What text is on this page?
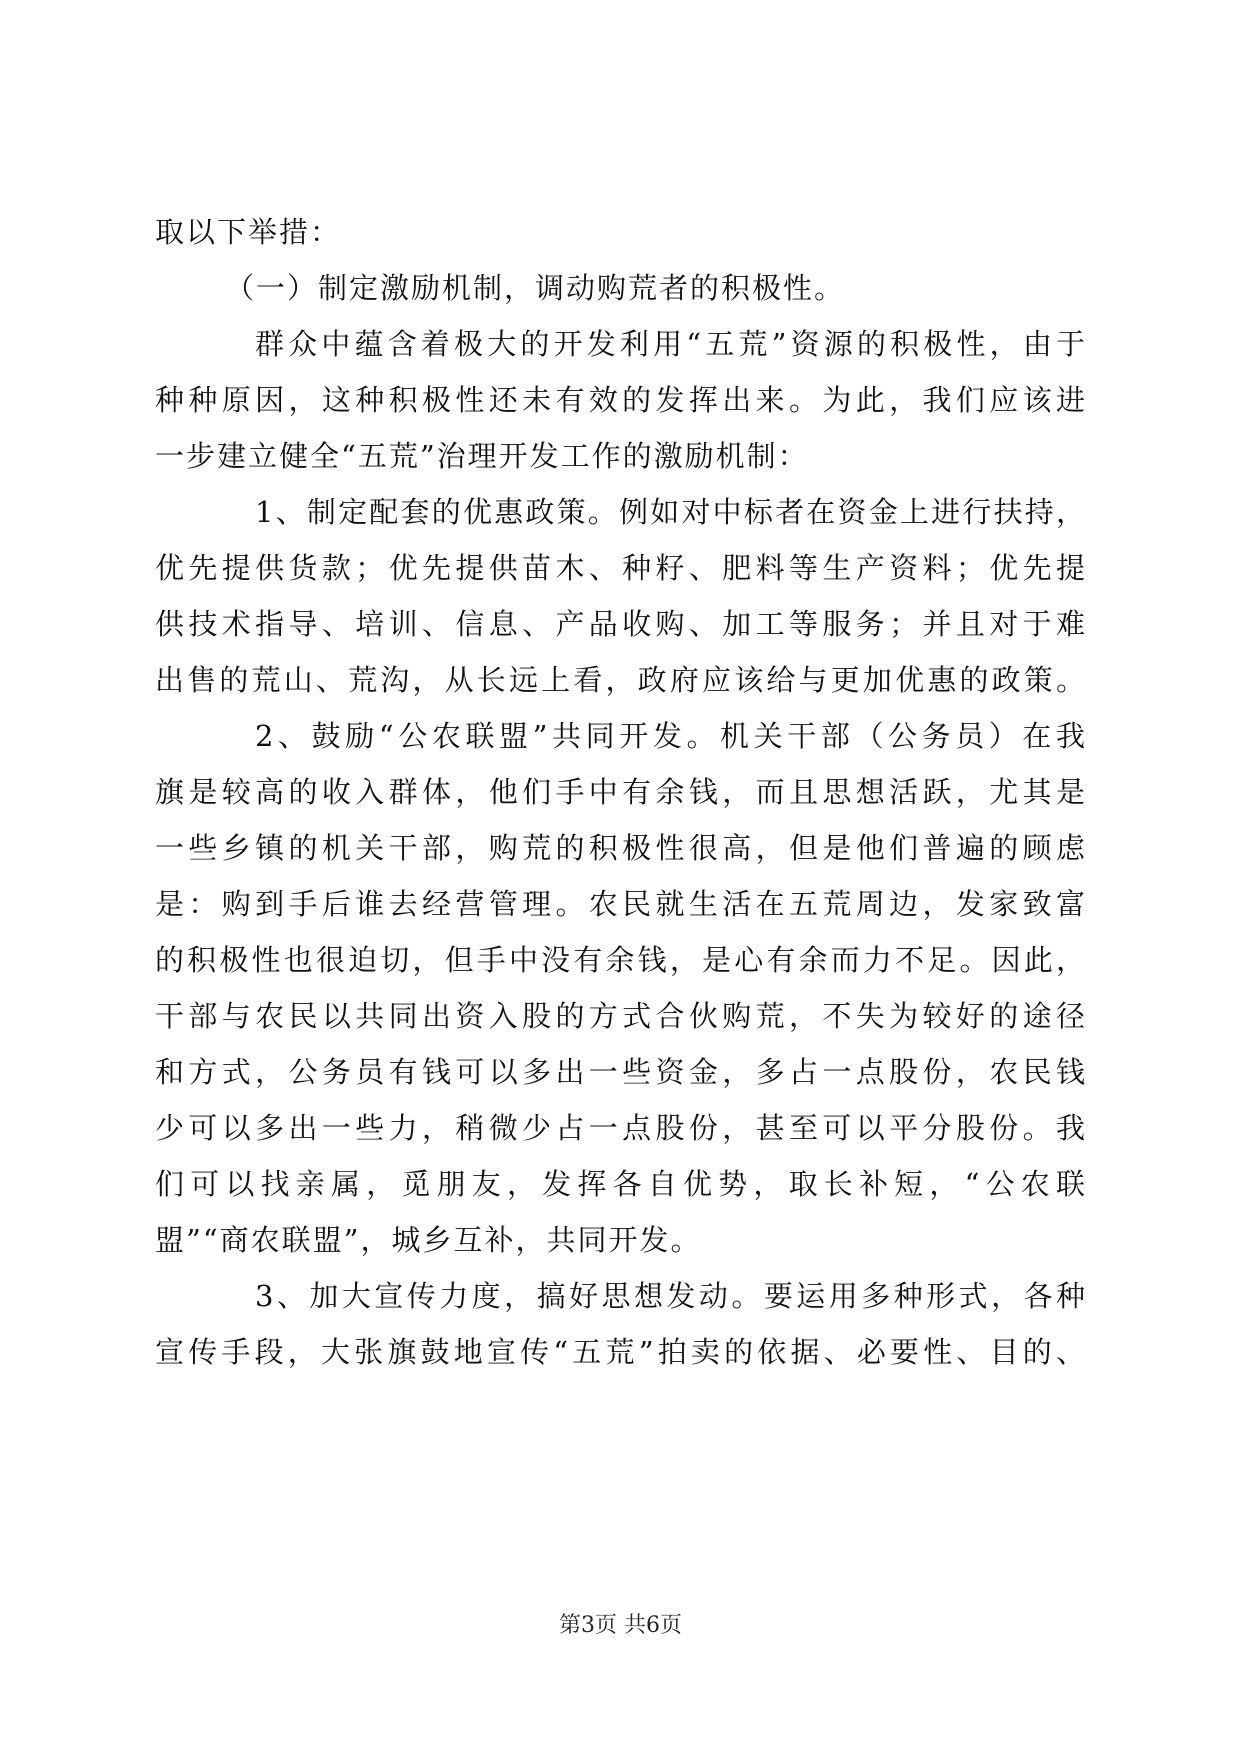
取以下举措：
（一）制定激励机制，调动购荒者的积极性。
群众中蕴含着极大的开发利用“五荒”资源的积极性，由于
种种原因，这种积极性还未有效的发挥出来。为此，我们应该进
一步建立健全“五荒”治理开发工作的激励机制：
1、制定配套的优惠政策。例如对中标者在资金上进行扶持，
优先提供货款；优先提供苗木、种籽、肥料等生产资料；优先提
供技术指导、培训、信息、产品收购、加工等服务；并且对于难
出售的荒山、荒沟，从长远上看，政府应该给与更加优惠的政策。
2、鼓励“公农联盟”共同开发。机关干部（公务员）在我
旗是较高的收入群体，他们手中有余钱，而且思想活跃，尤其是
一些乡镇的机关干部，购荒的积极性很高，但是他们普遍的顾虑
是：购到手后谁去经营管理。农民就生活在五荒周边，发家致富
的积极性也很迫切，但手中没有余钱，是心有余而力不足。因此，
干部与农民以共同出资入股的方式合伙购荒，不失为较好的途径
和方式，公务员有钱可以多出一些资金，多占一点股份，农民钱
少可以多出一些力，稍微少占一点股份，甚至可以平分股份。我
们可以找亲属，觅朋友，发挥各自优势，取长补短，“公农联
盟”“商农联盟”，城乡互补，共同开发。
3、加大宣传力度，搞好思想发动。要运用多种形式，各种
宣传手段，大张旗鼓地宣传“五荒”拍卖的依据、必要性、目的、
第3页 共6页
